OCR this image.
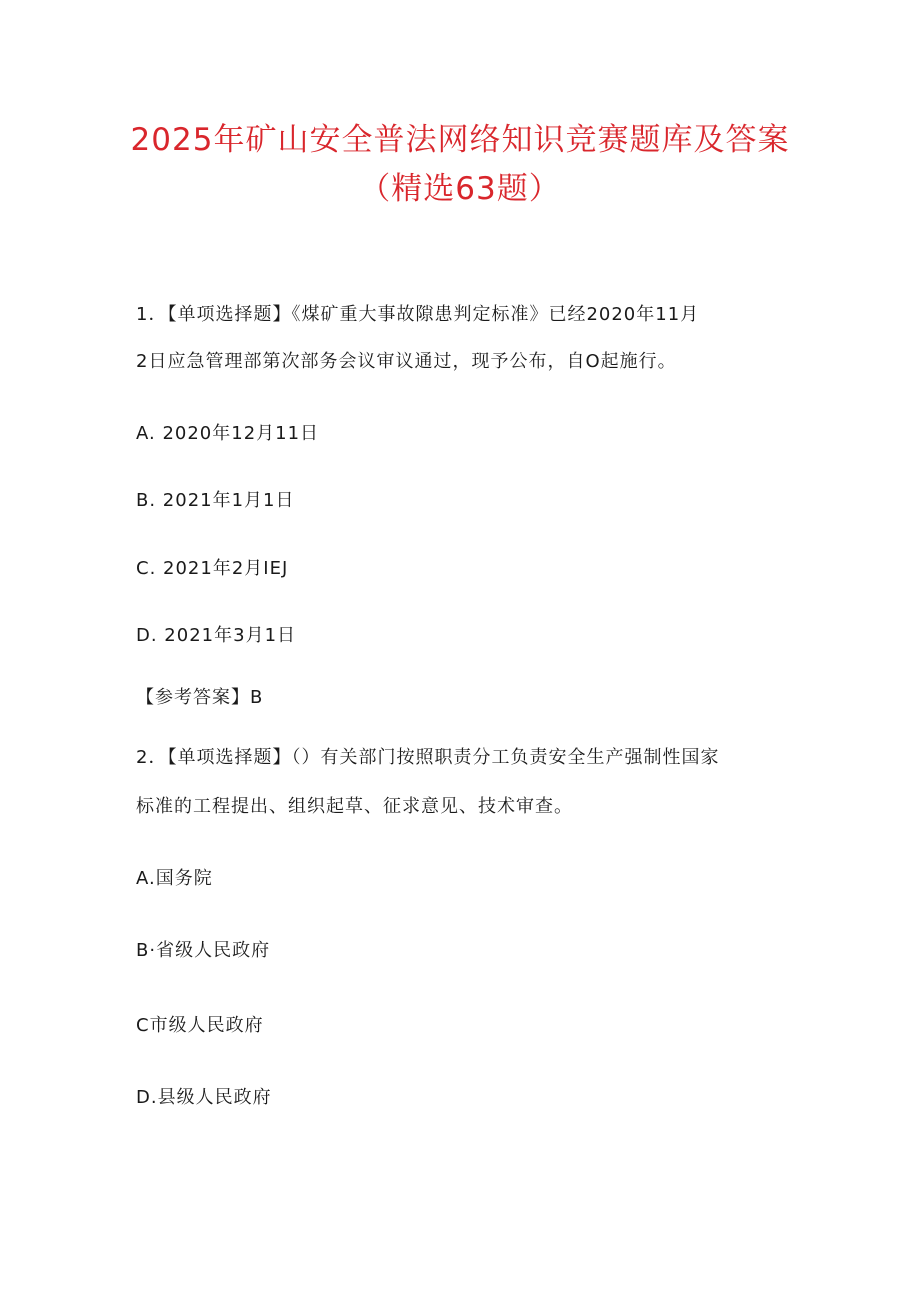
2025年矿山安全普法网络知识竞赛题库及答案
（精选63题）
1．【单项选择题】《煤矿重大事故隙患判定标准》已经2020年11月
2日应急管理部第次部务会议审议通过，现予公布，自O起施行。
A. 2020年12月11日
B. 2021年1月1日
C. 2021年2月IEJ
D. 2021年3月1日
【参考答案】B
2．【单项选择题】（）有关部门按照职责分工负责安全生产强制性国家
标准的工程提出、组织起草、征求意见、技术审查。
A.国务院
B·省级人民政府
C市级人民政府
D.县级人民政府
